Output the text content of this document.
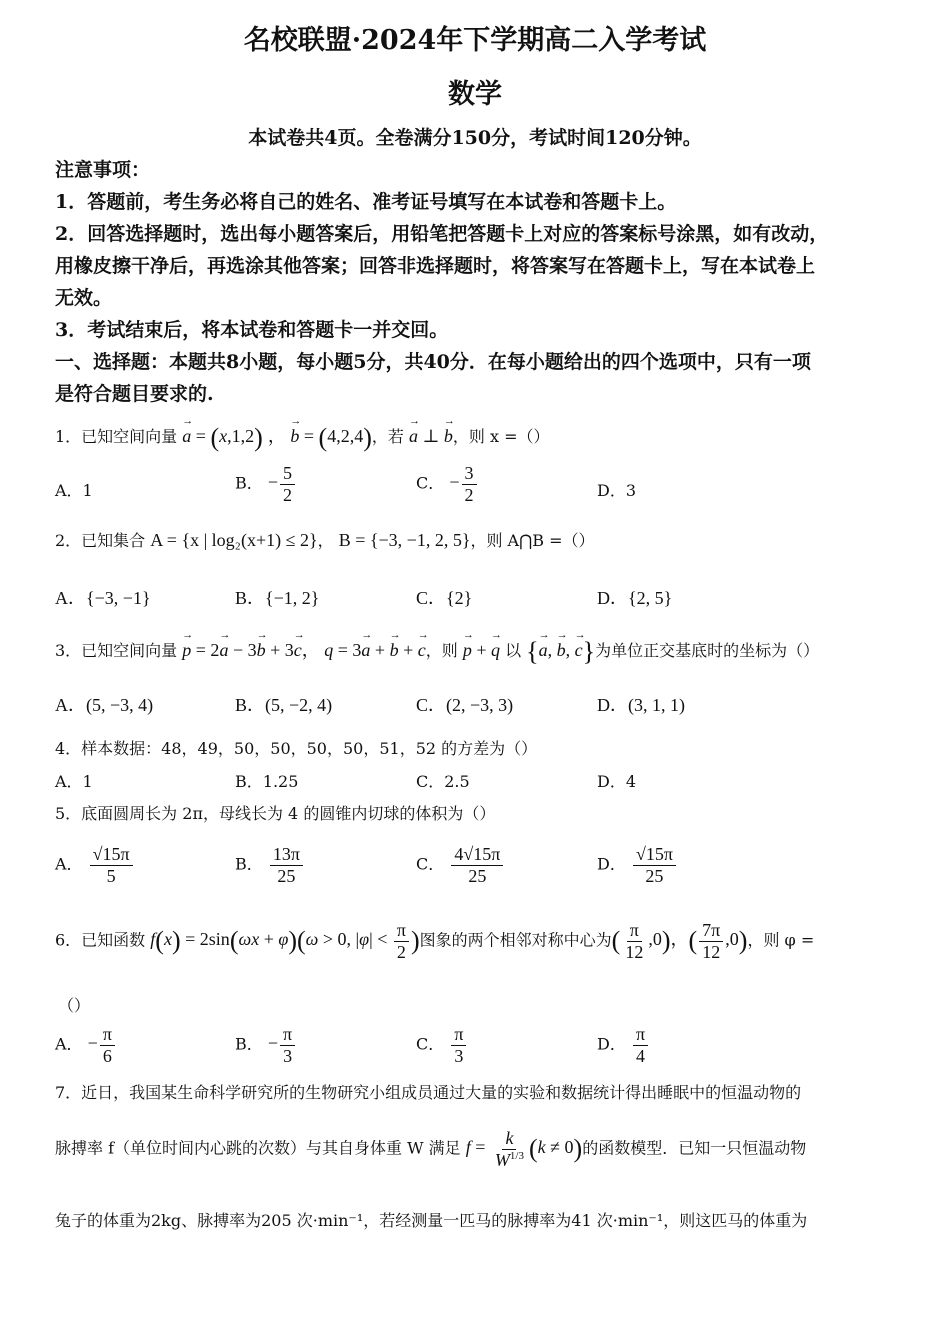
名校联盟·2024年下学期高二入学考试
数学
本试卷共4页。全卷满分150分，考试时间120分钟。
注意事项：
1．答题前，考生务必将自己的姓名、准考证号填写在本试卷和答题卡上。
2．回答选择题时，选出每小题答案后，用铅笔把答题卡上对应的答案标号涂黑，如有改动，
用橡皮擦干净后，再选涂其他答案；回答非选择题时，将答案写在答题卡上，写在本试卷上
无效。
3．考试结束后，将本试卷和答题卡一并交回。
一、选择题：本题共8小题，每小题5分，共40分．在每小题给出的四个选项中，只有一项
是符合题目要求的.
1．已知空间向量 → a = (x,1,2) ， → b = (4,2,4)，若 → a ⊥ → b，则 x =（）
A．1	B． − $\frac{5}{2}$	C． − $\frac{3}{2}$	D．3
2．已知集合 A = {x | log₂(x+1) ≤ 2}， B = {−3, −1, 2, 5}，则 A⋂B =（）
A．{−3, −1}	B．{−1, 2}	C．{2}	D．{2, 5}
3．已知空间向量 → p = 2→ a − 3→ b + 3→ c， q = 3→ a + → b + → c，则 → p + → q 以 {→ a, → b, → c}为单位正交基底时的坐标为（）
A．(5, −3, 4)	B．(5, −2, 4)	C．(2, −3, 3)	D．(3, 1, 1)
4．样本数据：48，49，50，50，50，50，51，52 的方差为（）
A．1	B．1.25	C．2.5	D．4
5．底面圆周长为 2π，母线长为 4 的圆锥内切球的体积为（）
A． $\frac{√15\pi}{5}$	B． $\frac{13\pi}{25}$	C． $\frac{4√15\pi}{25}$	D． $\frac{√15\pi}{25}$
6．已知函数 f(x) = 2sin(ωx + φ)(ω > 0, $|\varphi| < \frac{\pi}{2}$ )图象的两个相邻对称中心为( $\frac{\pi}{12} ,0$)，( $\frac{7\pi}{12} ,0$)，则 φ =
（）
A． − $\frac{\pi}{6}$	B． − $\frac{\pi}{3}$	C． $\frac{\pi}{3}$	D． $\frac{\pi}{4}$
7．近日，我国某生命科学研究所的生物研究小组成员通过大量的实验和数据统计得出睡眠中的恒温动物的
脉搏率 f（单位时间内心跳的次数）与其自身体重 W 满足 $f = \frac{k}{W^{1/3}} (k \ne 0)$的函数模型．已知一只恒温动物
兔子的体重为2kg、脉搏率为205 次·min⁻¹，若经测量一匹马的脉搏率为41 次·min⁻¹，则这匹马的体重为
